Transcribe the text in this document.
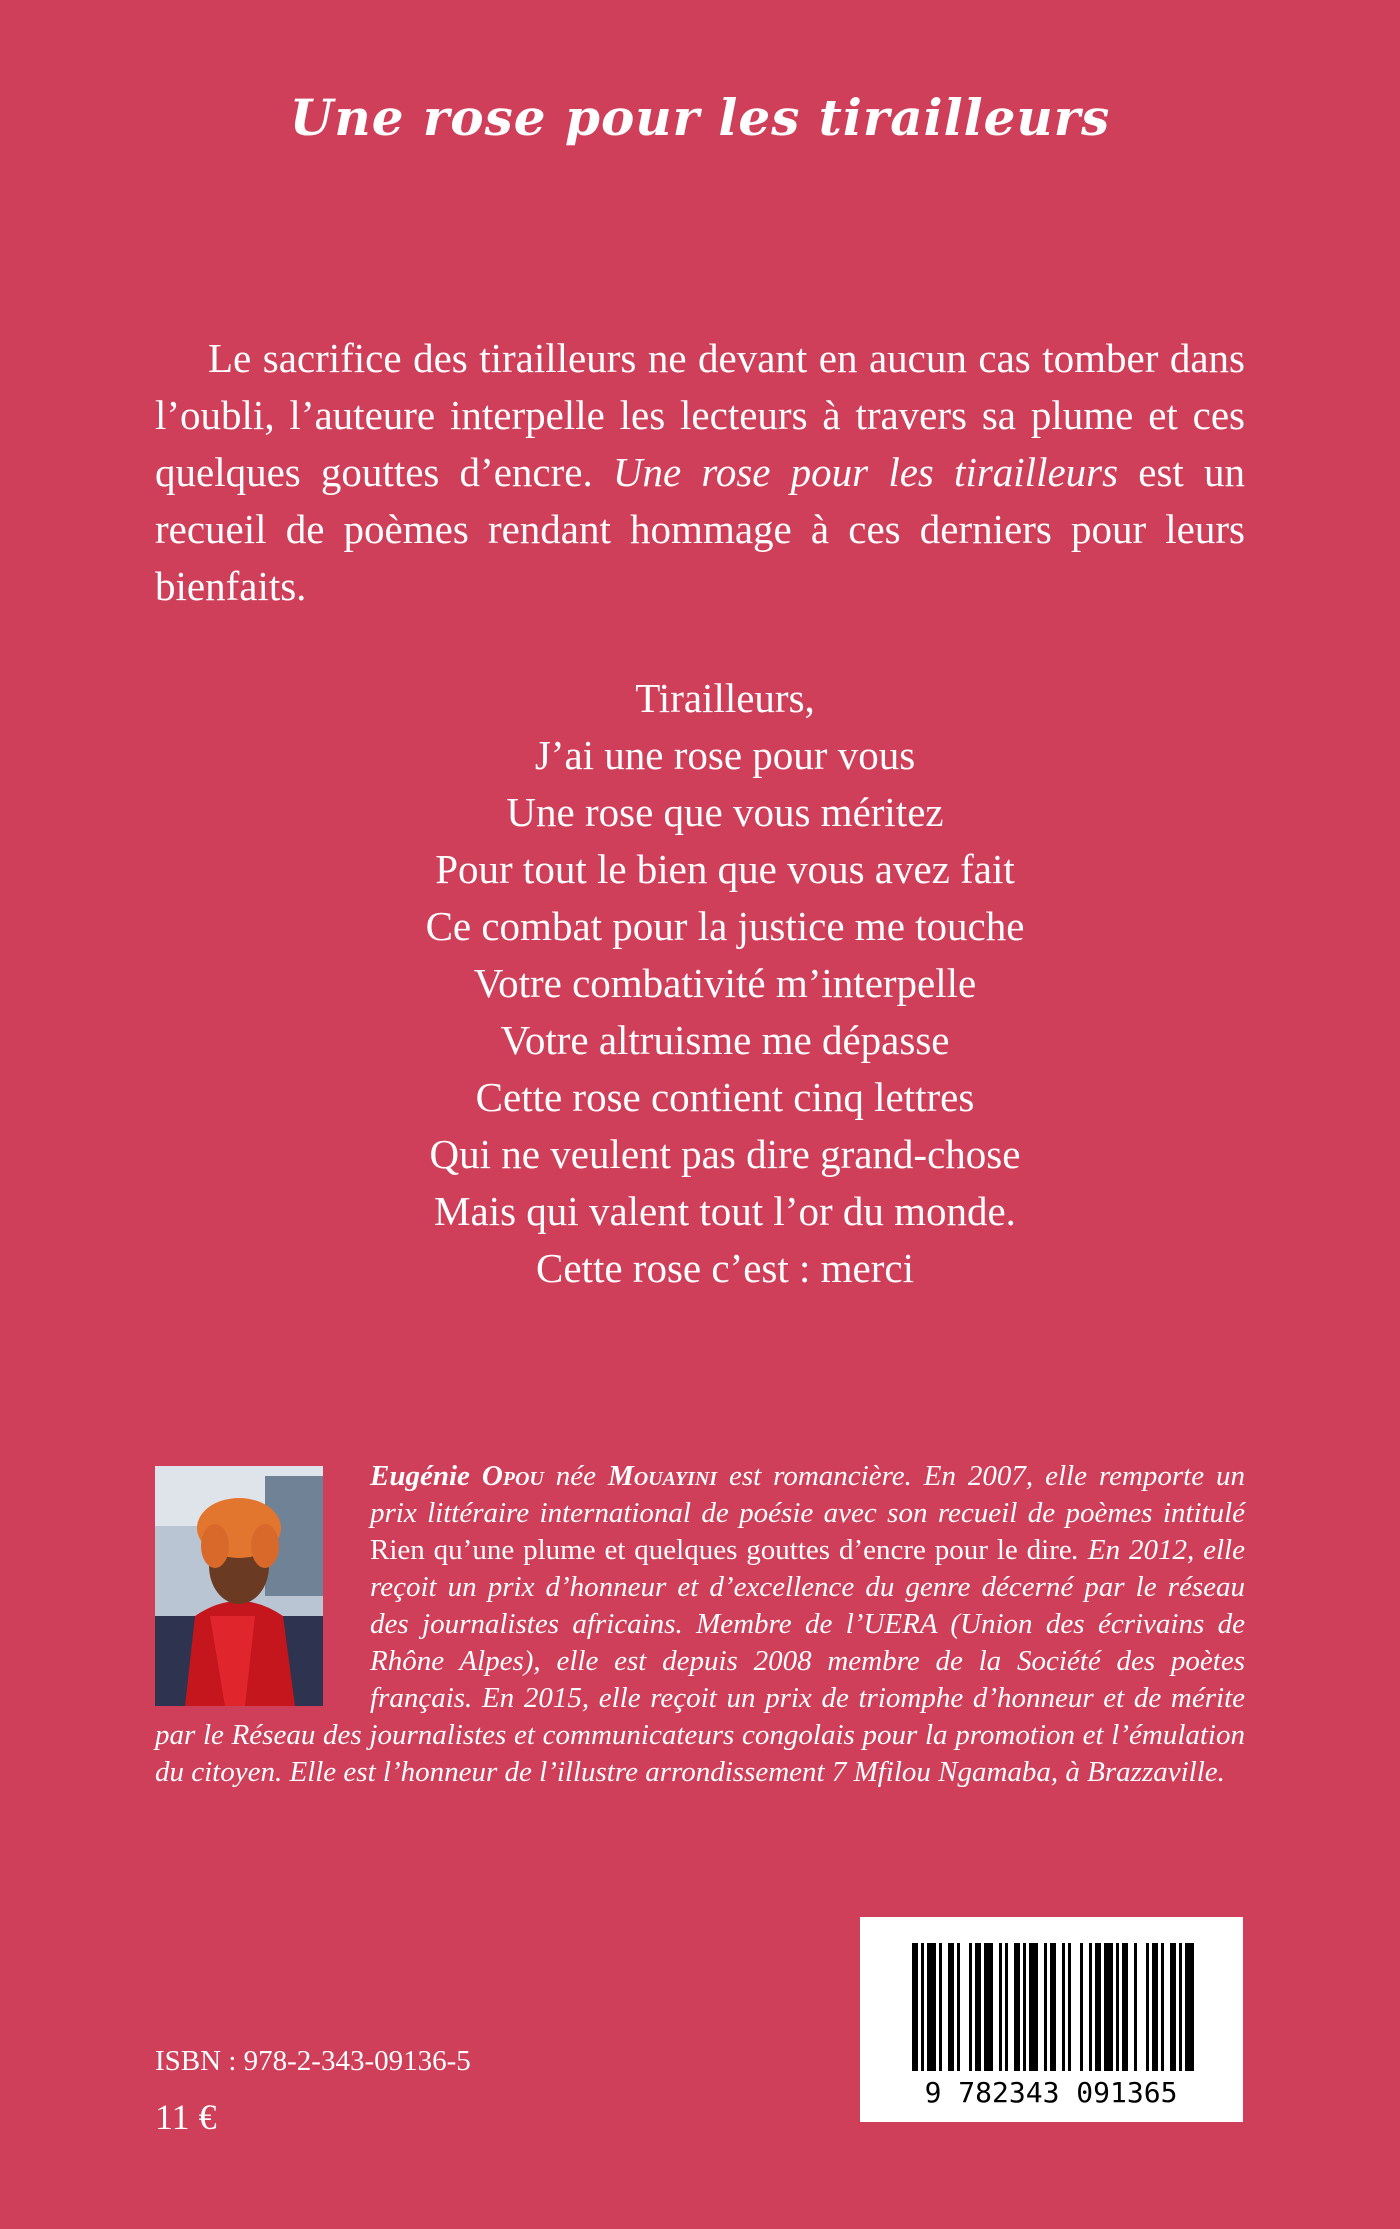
Une rose pour les tirailleurs

Le sacrifice des tirailleurs ne devant en aucun cas tomber dans l’oubli, l’auteure interpelle les lecteurs à travers sa plume et ces quelques gouttes d’encre. Une rose pour les tirailleurs est un recueil de poèmes rendant hommage à ces derniers pour leurs bienfaits.

Tirailleurs,
J’ai une rose pour vous
Une rose que vous méritez
Pour tout le bien que vous avez fait
Ce combat pour la justice me touche
Votre combativité m’interpelle
Votre altruisme me dépasse
Cette rose contient cinq lettres
Qui ne veulent pas dire grand-chose
Mais qui valent tout l’or du monde.
Cette rose c’est : merci

Eugénie Opou née Mouayini est romancière. En 2007, elle remporte un prix littéraire international de poésie avec son recueil de poèmes intitulé Rien qu’une plume et quelques gouttes d’encre pour le dire. En 2012, elle reçoit un prix d’honneur et d’excellence du genre décerné par le réseau des journalistes africains. Membre de l’UERA (Union des écrivains de Rhône Alpes), elle est depuis 2008 membre de la Société des poètes français. En 2015, elle reçoit un prix de triomphe d’honneur et de mérite par le Réseau des journalistes et communicateurs congolais pour la promotion et l’émulation du citoyen. Elle est l’honneur de l’illustre arrondissement 7 Mfilou Ngamaba, à Brazzaville.

9 782343 091365
ISBN : 978-2-343-09136-5
11 €
